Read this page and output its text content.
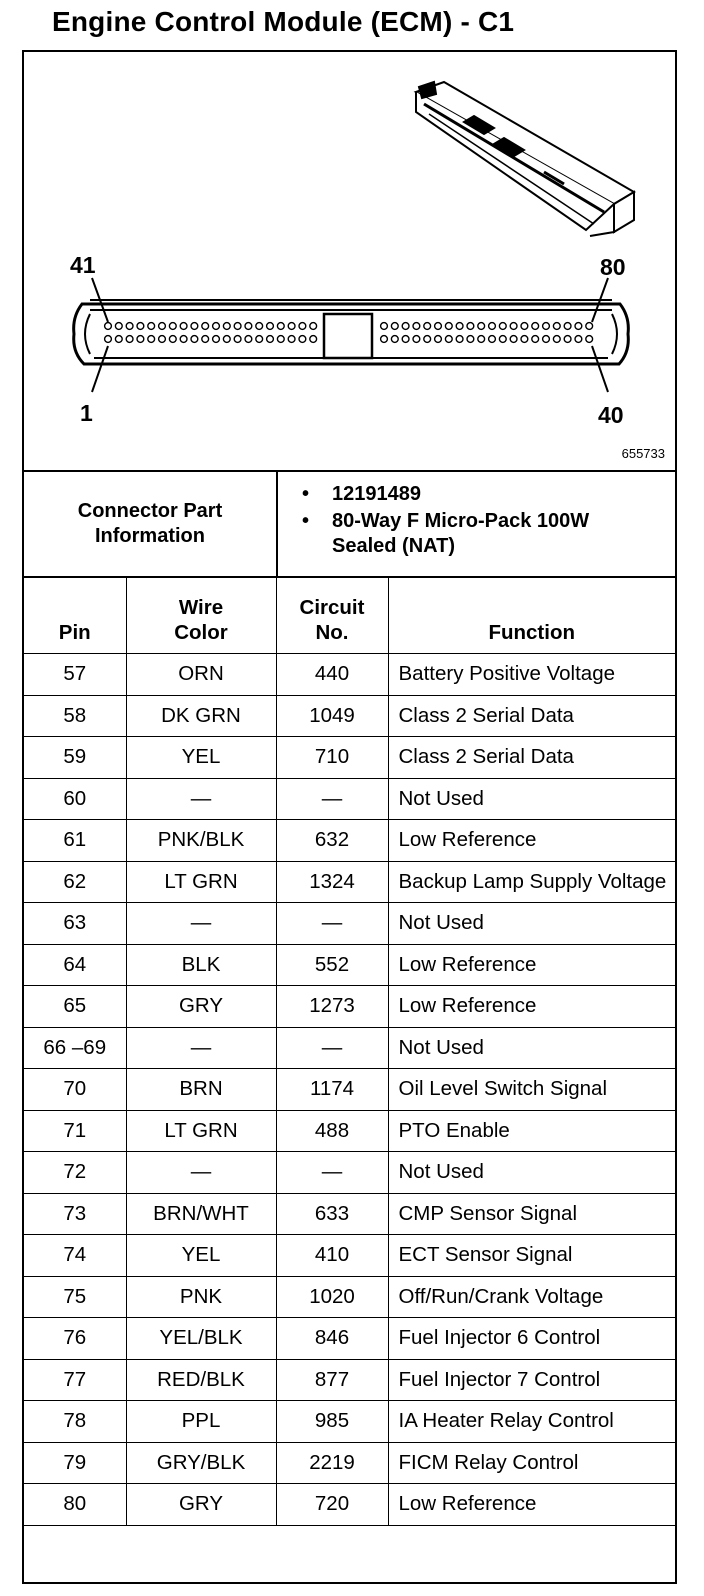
Engine Control Module (ECM) - C1
41	80
1	40
655733
Connector Part Information
•	12191489
•	80-Way F Micro-Pack 100W Sealed (NAT)
Pin	Wire Color	Circuit No.	Function
57	ORN	440	Battery Positive Voltage
58	DK GRN	1049	Class 2 Serial Data
59	YEL	710	Class 2 Serial Data
60	—	—	Not Used
61	PNK/BLK	632	Low Reference
62	LT GRN	1324	Backup Lamp Supply Voltage
63	—	—	Not Used
64	BLK	552	Low Reference
65	GRY	1273	Low Reference
66 –69	—	—	Not Used
70	BRN	1174	Oil Level Switch Signal
71	LT GRN	488	PTO Enable
72	—	—	Not Used
73	BRN/WHT	633	CMP Sensor Signal
74	YEL	410	ECT Sensor Signal
75	PNK	1020	Off/Run/Crank Voltage
76	YEL/BLK	846	Fuel Injector 6 Control
77	RED/BLK	877	Fuel Injector 7 Control
78	PPL	985	IA Heater Relay Control
79	GRY/BLK	2219	FICM Relay Control
80	GRY	720	Low Reference
